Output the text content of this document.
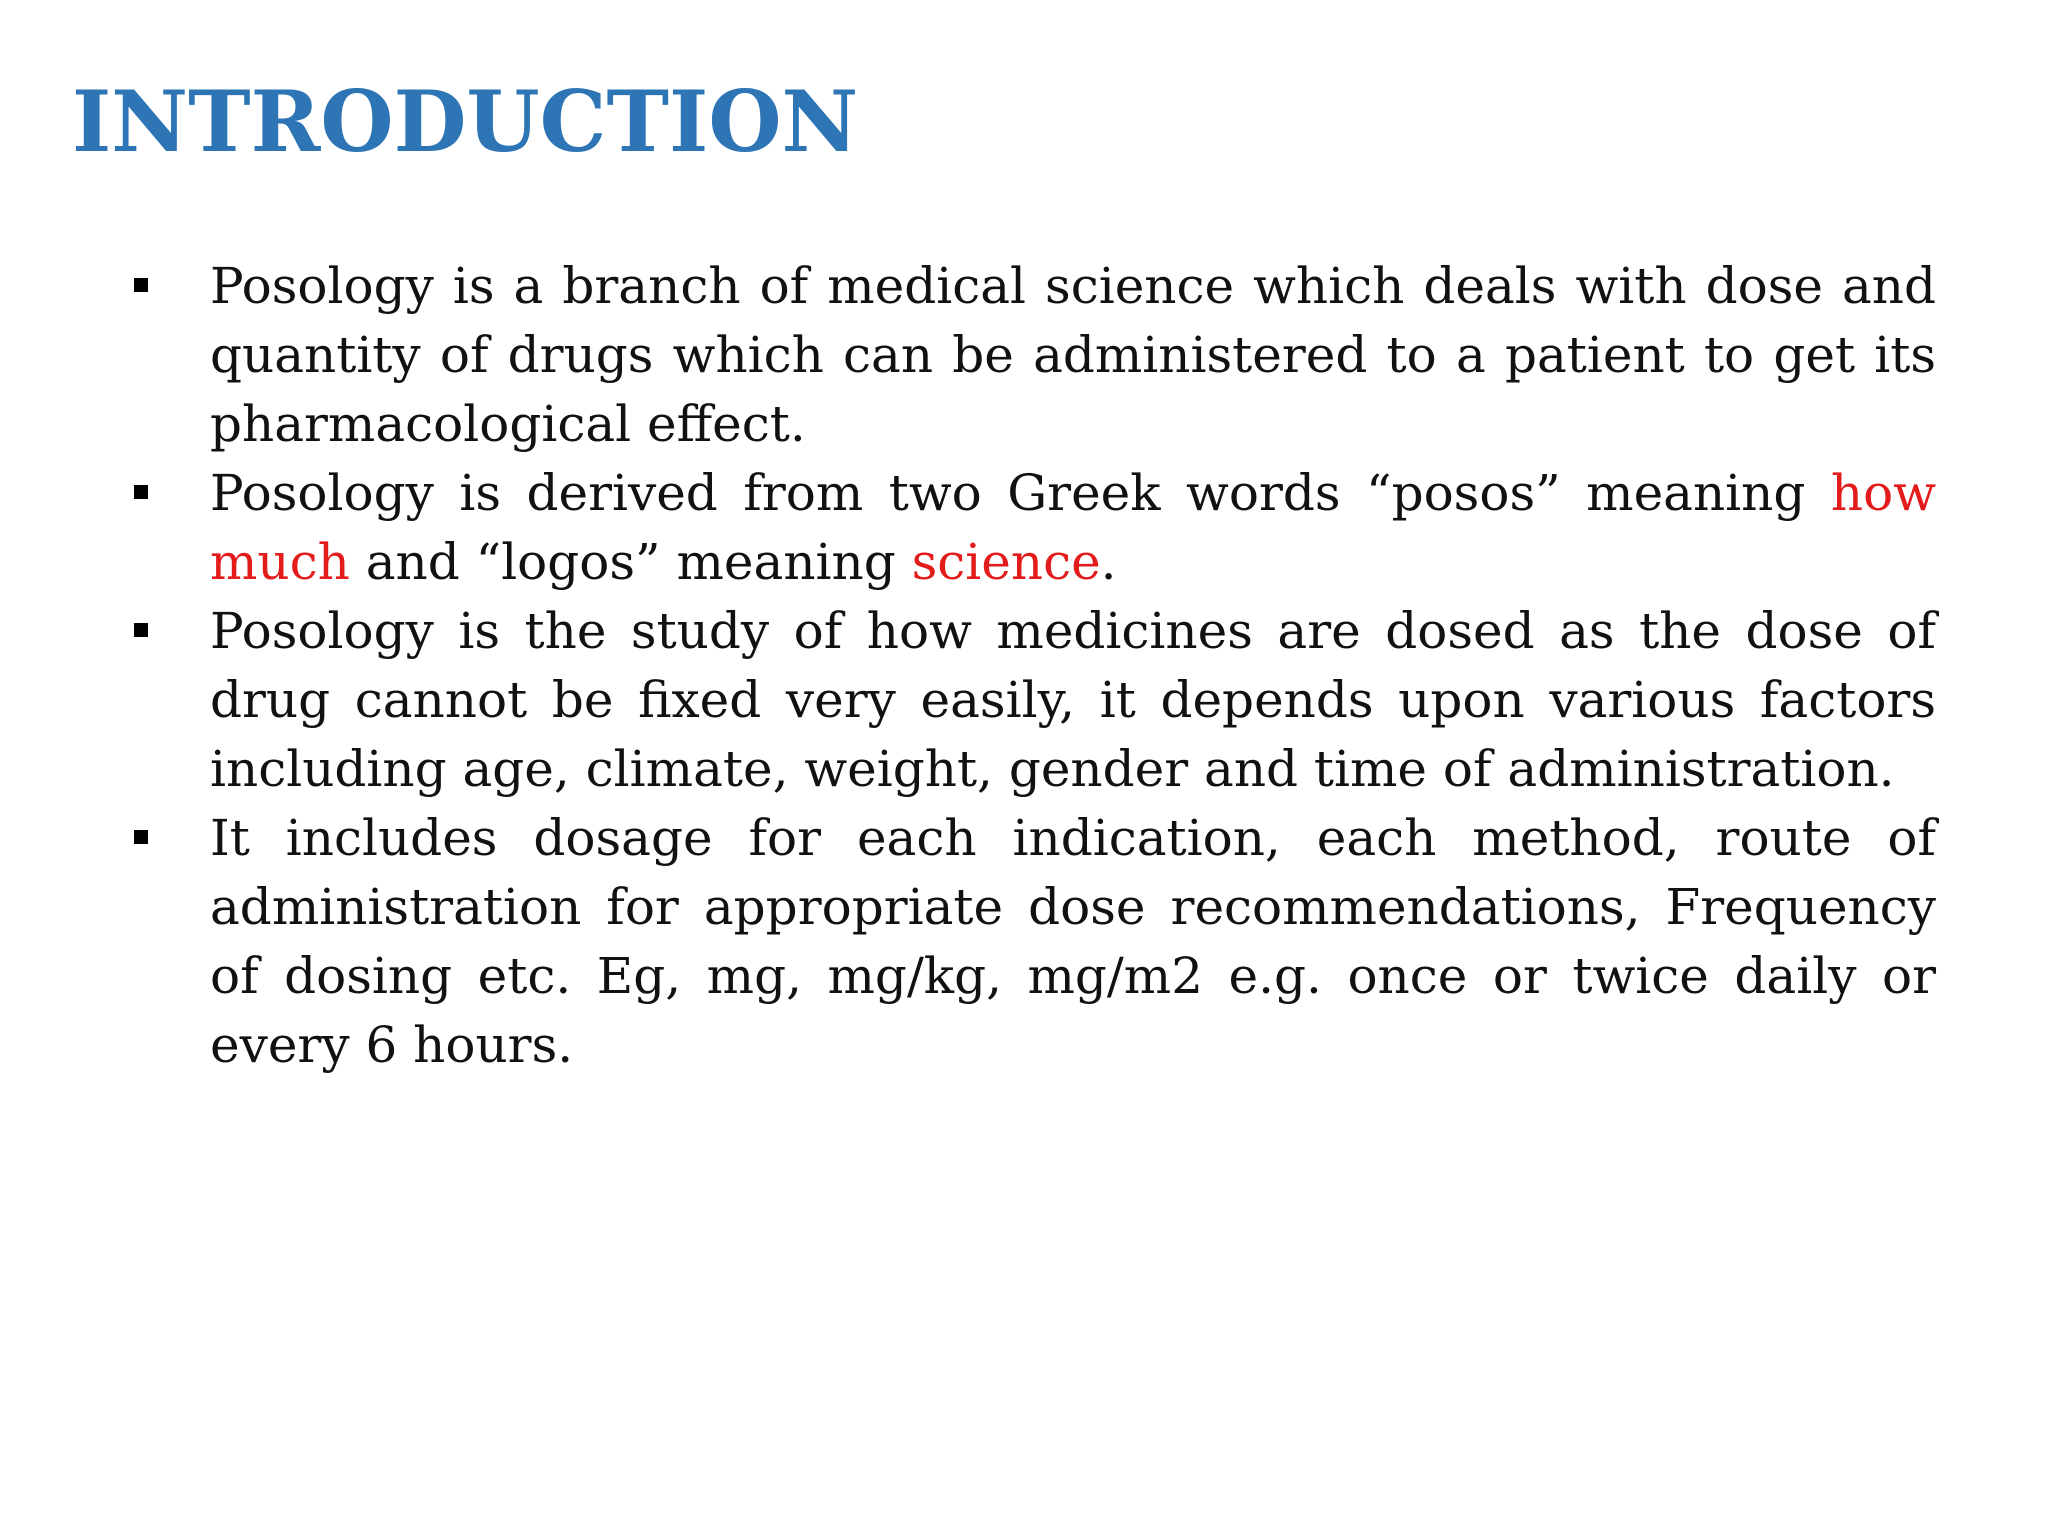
INTRODUCTION
Posology is a branch of medical science which deals with dose and quantity of drugs which can be administered to a patient to get its pharmacological effect.
Posology is derived from two Greek words “posos” meaning how much and “logos” meaning science.
Posology is the study of how medicines are dosed as the dose of drug cannot be fixed very easily, it depends upon various factors including age, climate, weight, gender and time of administration.
It includes dosage for each indication, each method, route of administration for appropriate dose recommendations, Frequency of dosing etc. Eg, mg, mg/kg, mg/m2 e.g. once or twice daily or every 6 hours.
